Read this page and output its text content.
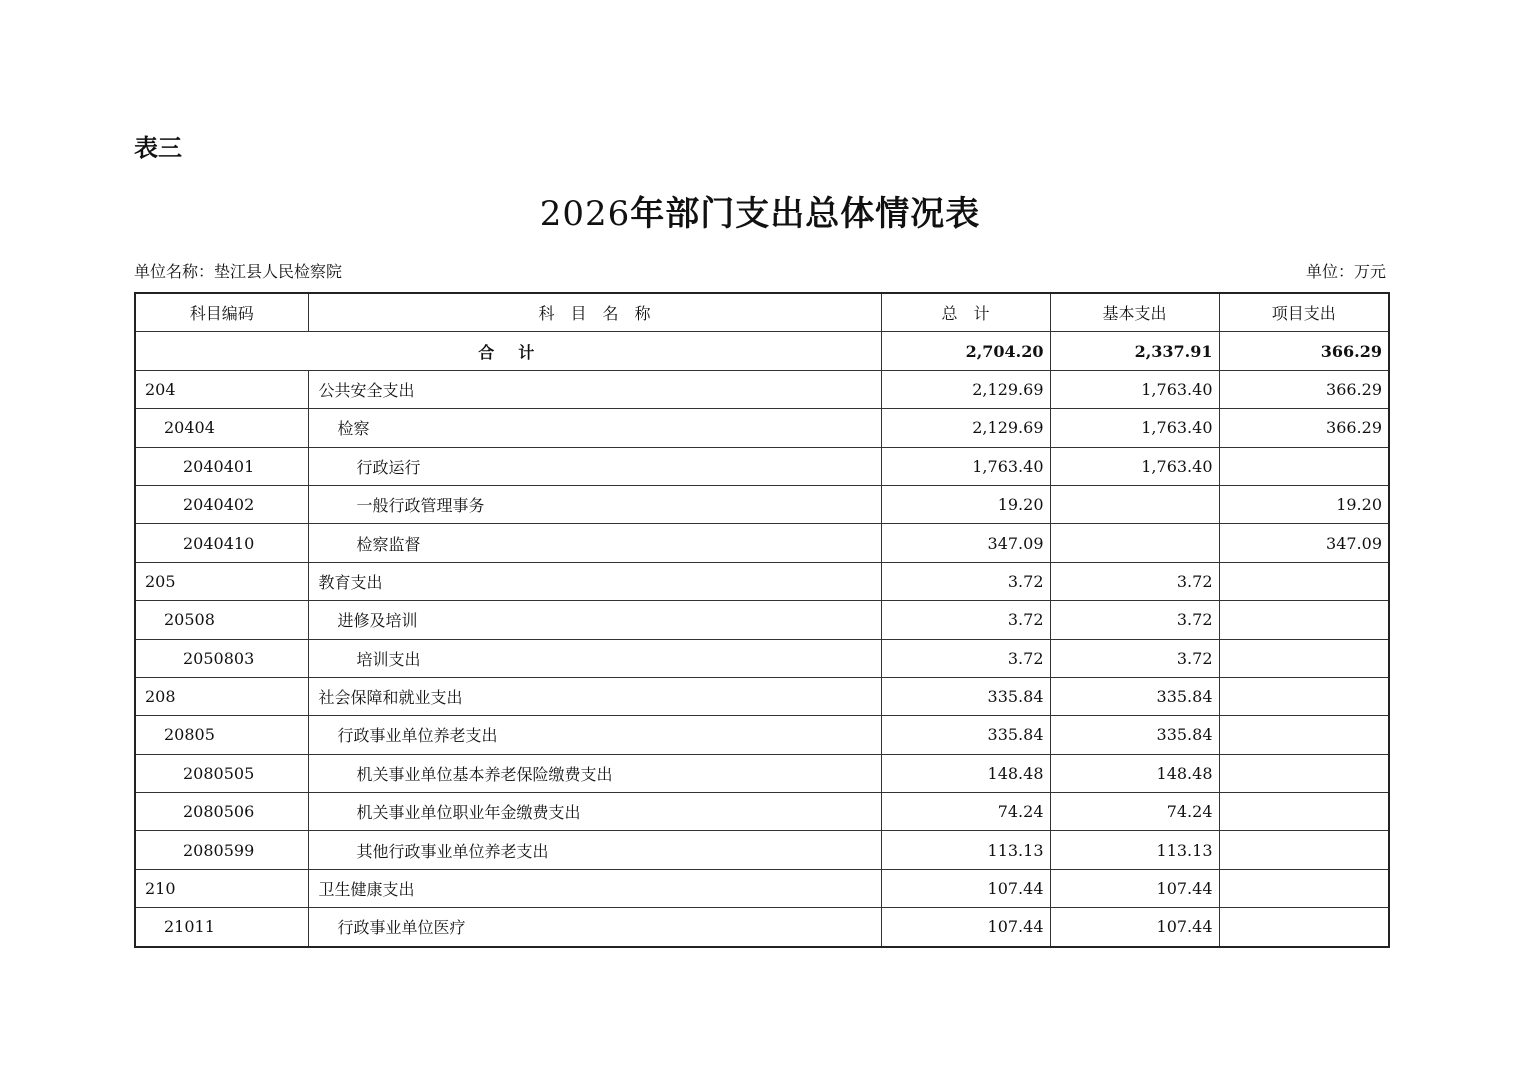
表三
2026年部门支出总体情况表
单位名称：垫江县人民检察院	单位：万元
科目编码	科　目　名　称	总　计	基本支出	项目支出
合　计		2,704.20	2,337.91	366.29
204	公共安全支出	2,129.69	1,763.40	366.29
20404	检察	2,129.69	1,763.40	366.29
2040401	行政运行	1,763.40	1,763.40	
2040402	一般行政管理事务	19.20		19.20
2040410	检察监督	347.09		347.09
205	教育支出	3.72	3.72	
20508	进修及培训	3.72	3.72	
2050803	培训支出	3.72	3.72	
208	社会保障和就业支出	335.84	335.84	
20805	行政事业单位养老支出	335.84	335.84	
2080505	机关事业单位基本养老保险缴费支出	148.48	148.48	
2080506	机关事业单位职业年金缴费支出	74.24	74.24	
2080599	其他行政事业单位养老支出	113.13	113.13	
210	卫生健康支出	107.44	107.44	
21011	行政事业单位医疗	107.44	107.44	
